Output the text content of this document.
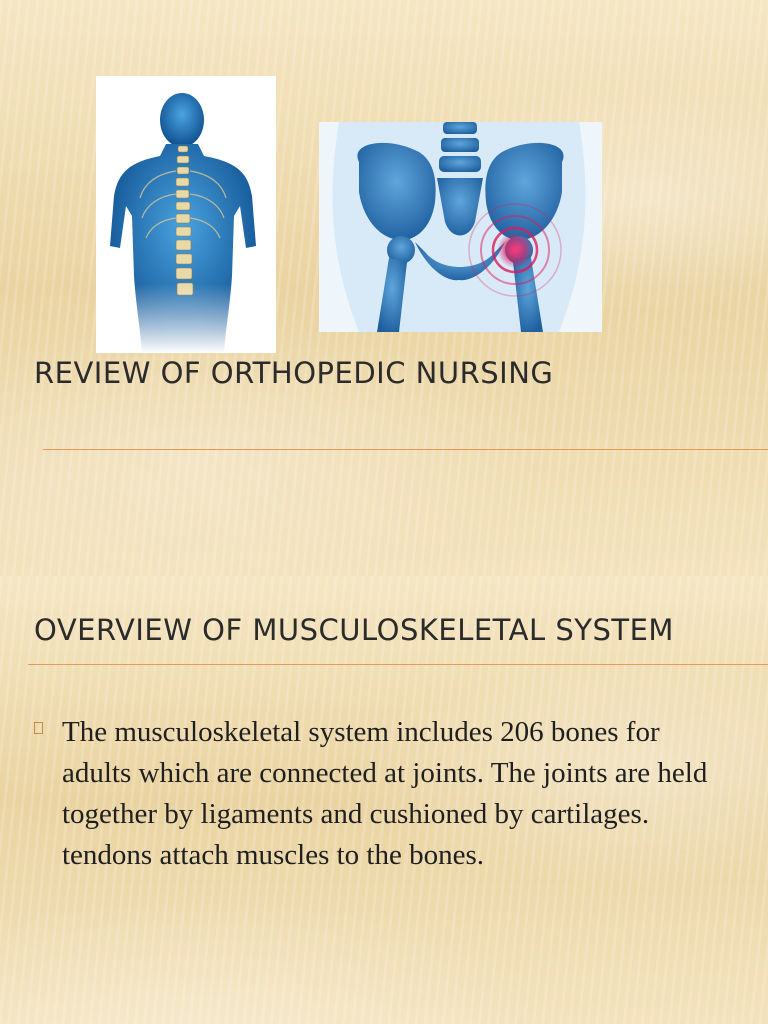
REVIEW OF ORTHOPEDIC NURSING
OVERVIEW OF MUSCULOSKELETAL SYSTEM
The musculoskeletal system includes 206 bones for adults which are connected at joints. The joints are held together by ligaments and cushioned by cartilages. tendons attach muscles to the bones.
